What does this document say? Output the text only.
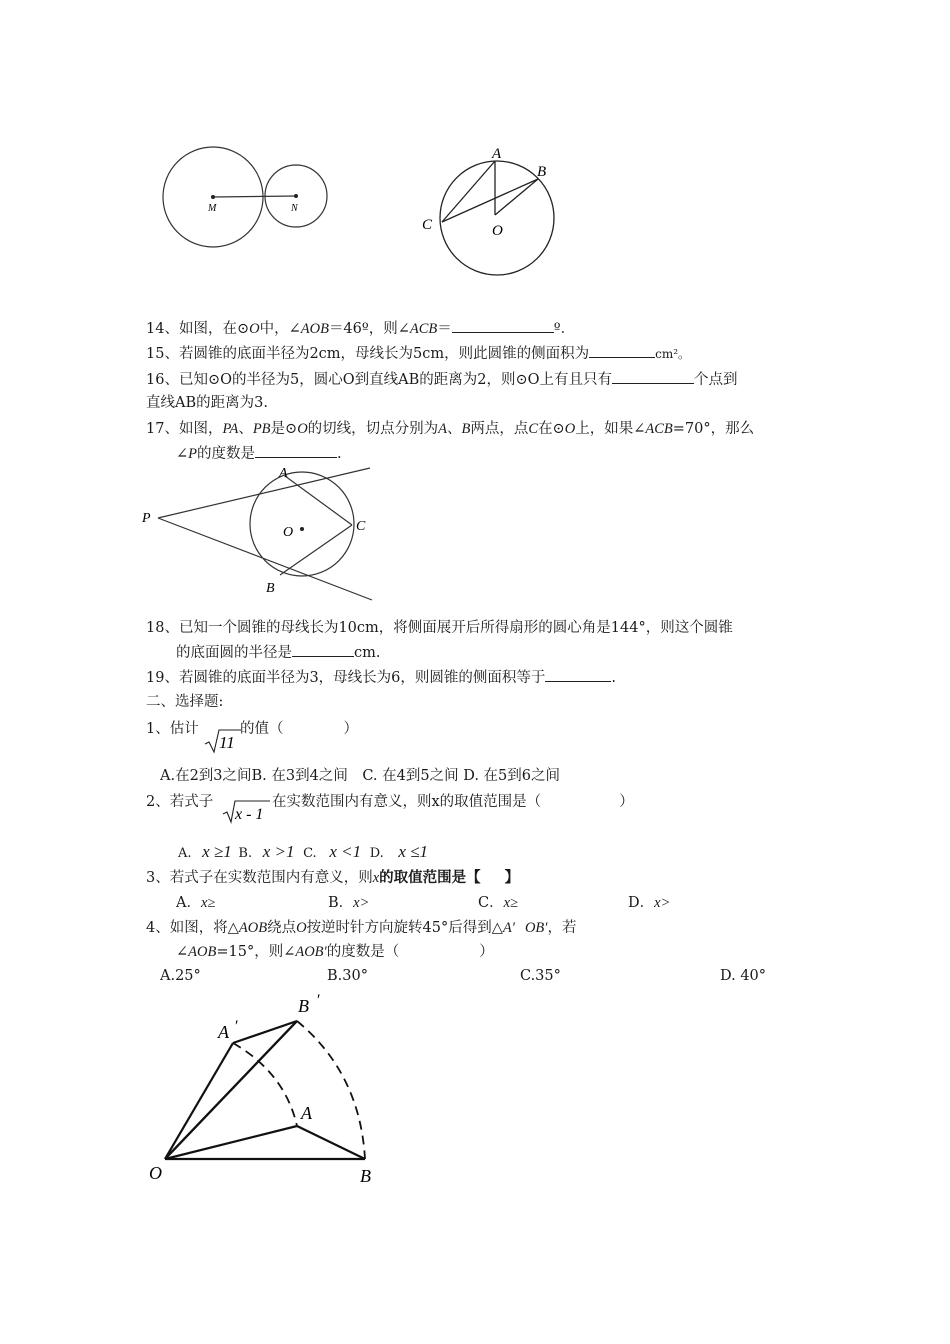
M	N
A
B
C	O
14、如图，在⊙O中，∠AOB＝46º，则∠ACB＝	º．
15、若圆锥的底面半径为2cm，母线长为5cm，则此圆锥的侧面积为	cm²。
16、已知⊙O的半径为5，圆心O到直线AB的距离为2，则⊙O上有且只有	个点到
直线AB的距离为3.
17、如图，PA、PB是⊙O的切线，切点分别为A、B两点，点C在⊙O上，如果∠ACB=70°，那么
∠P的度数是	.
P
A
O	C
B
18、已知一个圆锥的母线长为10cm，将侧面展开后所得扇形的圆心角是144°，则这个圆锥
的底面圆的半径是	cm.
19、若圆锥的底面半径为3，母线长为6，则圆锥的侧面积等于	.
二、选择题:
1、估计
11
的值（	）
A.在2到3之间B. 在3到4之间　C. 在4到5之间 D. 在5到6之间
2、若式子
x - 1
在实数范围内有意义，则x的取值范围是（	）
A. x ≥1 B. x >1 C. x <1 D. x ≤1
3、若式子在实数范围内有意义，则x的取值范围是【 】
A．x≥	B．x>	C．x≥	D．x>
4、如图，将△AOB绕点O按逆时针方向旋转45°后得到△A′ OB′，若
∠AOB=15°，则∠AOB′的度数是（	）
A.25°	B.30°	C.35°	D. 40°
A ′
B ′
A
O	B
